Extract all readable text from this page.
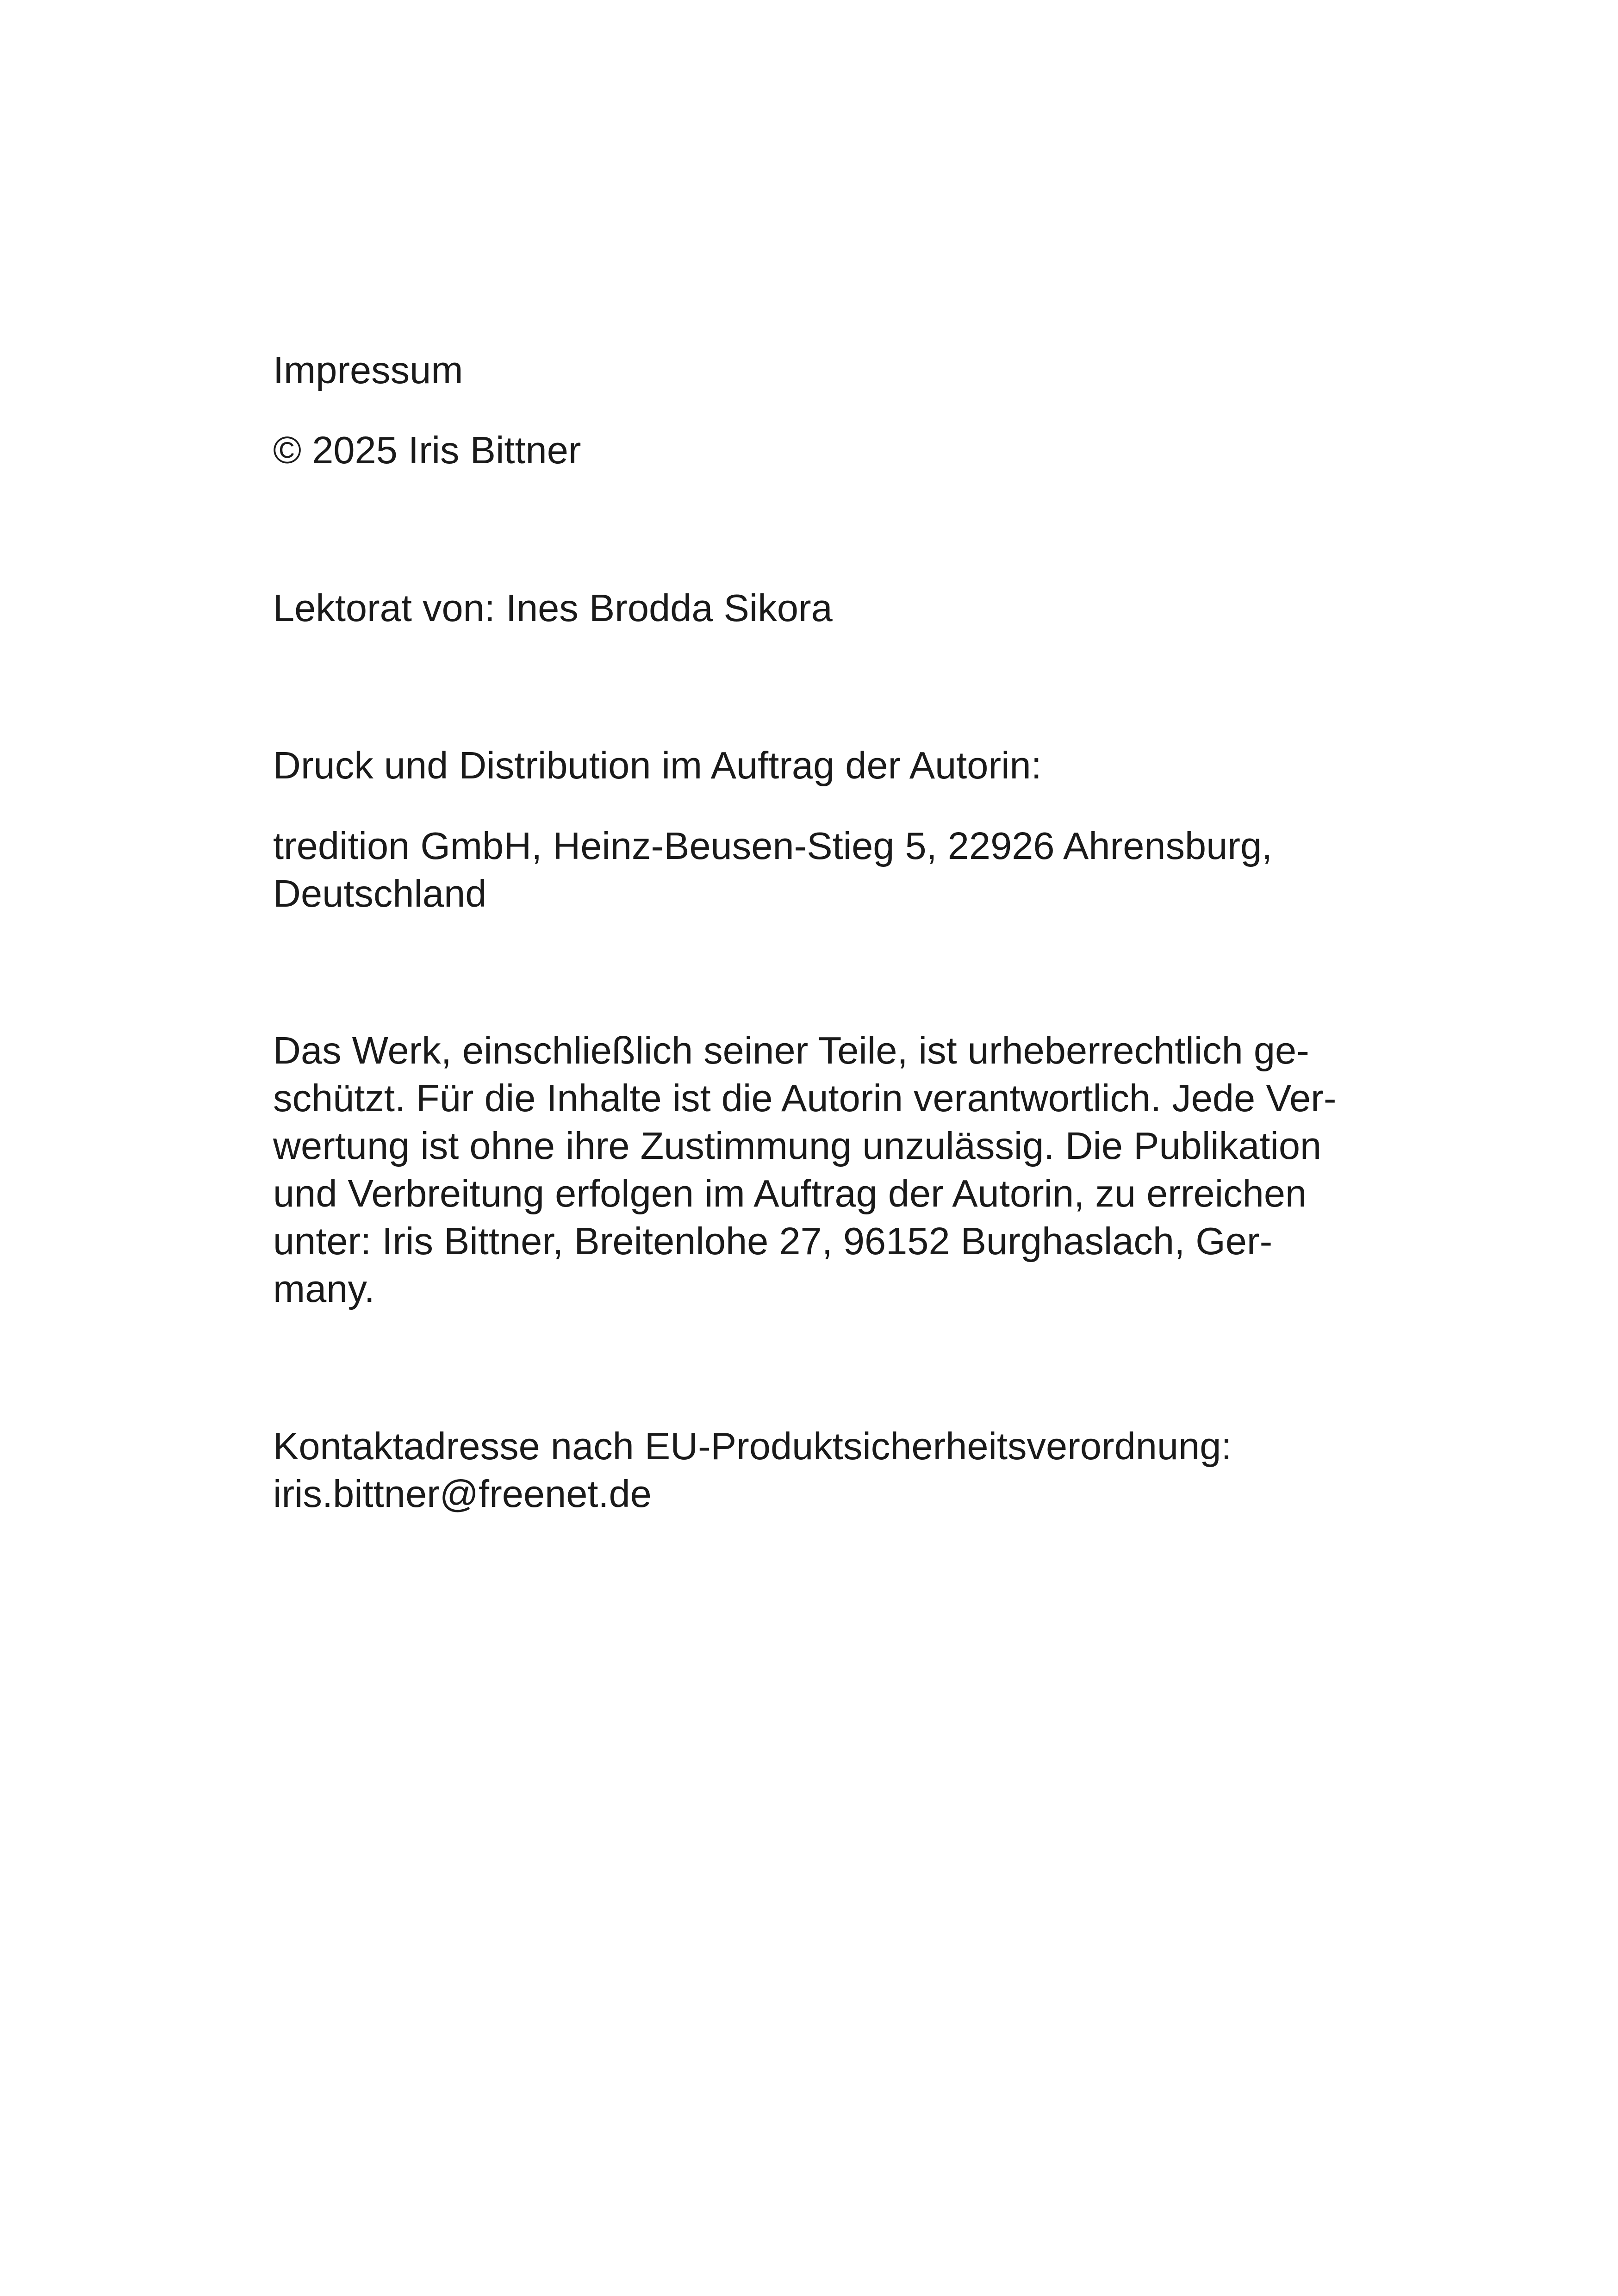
Impressum

© 2025 Iris Bittner

Lektorat von: Ines Brodda Sikora

Druck und Distribution im Auftrag der Autorin:

tredition GmbH, Heinz-Beusen-Stieg 5, 22926 Ahrensburg,
Deutschland

Das Werk, einschließlich seiner Teile, ist urheberrechtlich ge-
schützt. Für die Inhalte ist die Autorin verantwortlich. Jede Ver-
wertung ist ohne ihre Zustimmung unzulässig. Die Publikation
und Verbreitung erfolgen im Auftrag der Autorin, zu erreichen
unter: Iris Bittner, Breitenlohe 27, 96152 Burghaslach, Ger-
many.

Kontaktadresse nach EU-Produktsicherheitsverordnung:
iris.bittner@freenet.de
